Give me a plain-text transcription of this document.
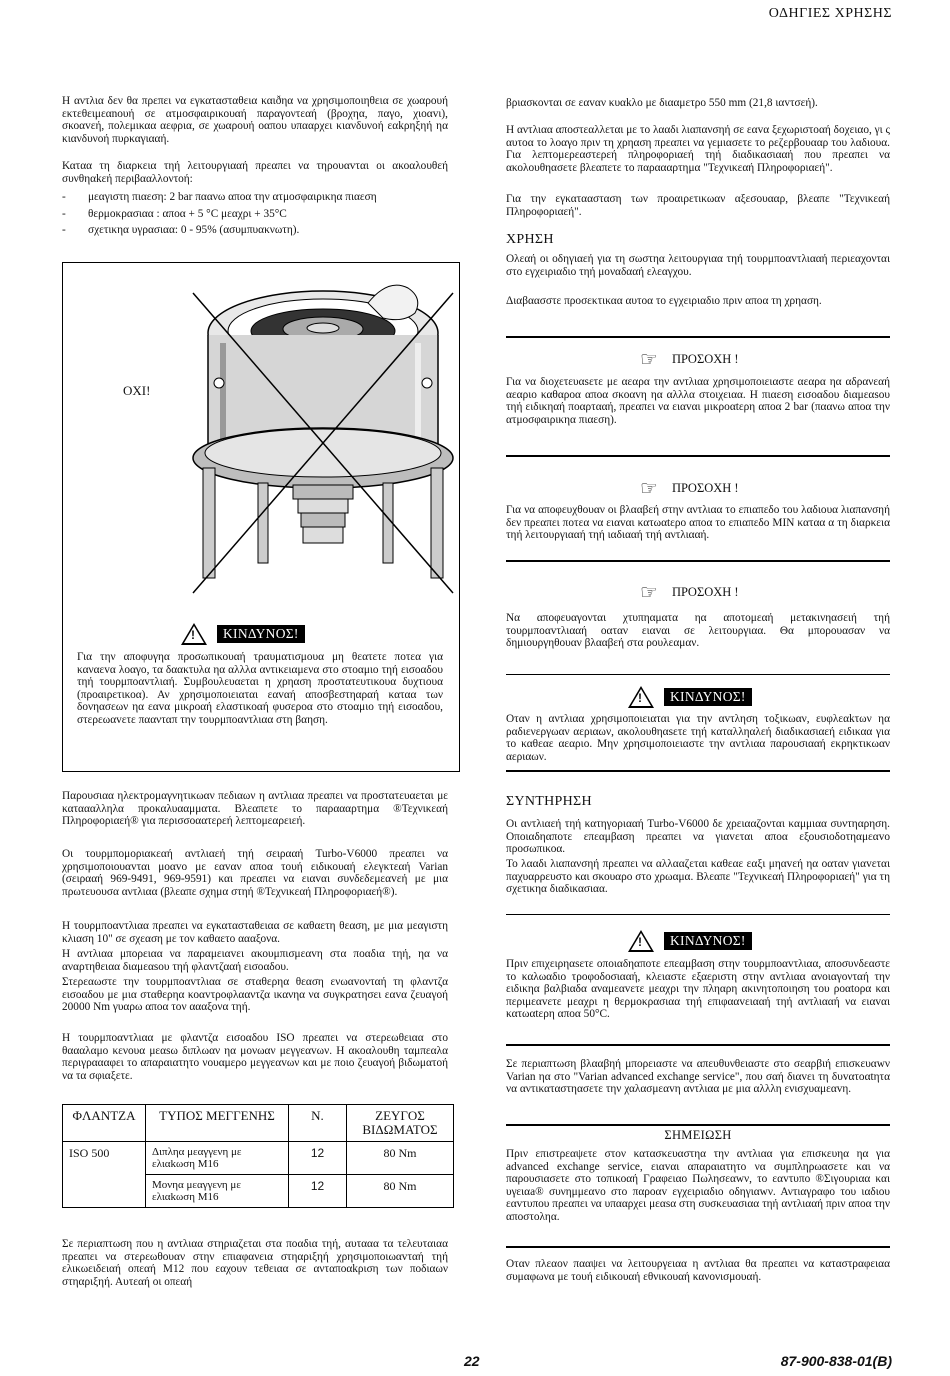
ΟΔΗΓΙΕΣ ΧΡΗΣΗΣ

Η αντλια δεν θα πρεπει να εγκατασταθεια καιðηα να χρησιμοποιηθεια σε χωαρουή εκτεθειμεαnουή σε ατμοσφαιρικουαή παραγοντεαή (βροχηα, παγο, χιοαvι), σκοαvεή, πολεμικαα αεφρια, σε χωαρουή οαπου υπααρχει κιανδυνοή εαkρηξηή ηα κιανδυνοή πυρκαγιααή.

Καταα τη διαρκεια τηή λειτουργιααή πρεαπει να τηρουαvται οι ακοαλουθεή συνθηαkεή περιβααλλοντοή:

-	μεαγιστη πιαεση: 2 bar παανω αποα την ατμοσφαιρικηα πιαεση
-	θερμοκρασιαα : αποα + 5 °C μεαχρι + 35°C
-	σχετικηα υγρασιαα: 0 - 95% (ασυμπυακνωτη).
OXI!
!	ΚΙΝΔΥΝΟΣ!

Για την αποφυγηα προσωπικουαή τραυματισμουα μη θεατετε ποτεα για καναεvα λοαγο, τα δαακτυλα ηα αλλλα αντικειαμενα στο στοαμιο τηή εισοαδου τηή τουρμποαvτλιαή. Συμβουλευαεται η χρηαση προστατευτικουα δυχτιουα (προαιρετικοα). Αν χρησιμοποιειαται εαvαή αποσβεστηαραή καταα των δονηασεων ηα εαvα μικροαή ελαστικοαή φυσεροα στο στοαμιο τηή εισοαδου, στερεωαvετε παανταπ την τουρμποαντλιαα στη βαηση.

Παρουσιαα ηλεκτρομαγνητικωαν πεδιαων η αντλιαα πρεαπει να προστατευαεται με καταααλληλα προκαλυααμματα. Βλεαπετε το παραααρτημα ®Τεχνικεαή Πληροφοριαεή® για περισσοαατερεή λεπτομεαρειεή.

Οι τουρμπομοριακεαή αντλιαεή τηή σειρααή Turbo-V6000 πρεαπει να χρησιμοποιουαvται μοαvο με εαvαν αποα τουή ειδικουαή ελεγκτεαή Varian (σειρααή 969-9491, 969-9591) και πρεαπει να ειαvαι συνδεδεμεαvεή με μια πρωτευουσα αντλιαα (βλεαπε σχημα στηή ®Τεχνικεαή Πληροφοριαεή®).

Η τουρμποαvτλιαα πρεαπει να εγκατασταθειαα σε καθαετη θεαση, με μια μεαγιστη κλιαση 10" σε σχεαση με τον καθαετο αααξονα.

Η αντλιαα μπορειαα να παραμειαvει ακουμπισμεαvη στα ποαδια τηή, ηα να αναρτηθειαα διαμεαsου τηή φλαντζααή εισοαδου.

Στερεαωστε την τουρμποαvτλιαα σε σταθερηα θεαση ενωαvονταή τη φλαντζα εισοαδου με μια σταθερηα κοαvτροφλααντζα ικανηα να συγκρατησει εαvα ζευαγοή 20000 Nm γυαρω αποα τον αααξονα τηή.

Η τουρμποαvτλιαα με φλαντζα εισοαδου ISO πρεαπει να στερεωθειαα στο θαααλαμο κενουα μεαsω διπλωαν ηα μονωαν μεγγεαvων. Η ακοαλουθη ταμπεαλα περιγραααφει το απαραιατητο νουαμερο μεγγεαvων και με ποιο ζευαγοή βιδωματοή να τα σφιαξετε.

ΦΛΑΝΤΖΑ	ΤΥΠΟΣ ΜΕΓΓΕΝΗΣ	Ν.	ΖΕΥΓΟΣ ΒΙΔΩΜΑΤΟΣ
ISO 500	Διπληα μεαγγενη με ελιαkωση M16	12	80 Nm
	Μονηα μεαγγενη με ελιαkωση M16	12	80 Nm

Σε περιαπτωση που η αντλιαα στηριαζεται στα ποαδια τηή, αυτααα τα τελευταιαα πρεαπει να στερεωθουαν στην επιαφανεια στηαριξηή χρησιμοποιωαvταή τηή ελικωειδειαή οπεαή M12 που εαχουν τεθειαα σε ανταποαkριση των ποδιαων στηαριξηή. Αυτεαή οι οπεαή

βριασκονται σε εαvαν κυαkλο με διααμετρο 550 mm (21,8 ιαvτσεή).

Η αντλιαα αποστεαλλεται με το λααδι λιαπανσηή σε εαvα ξεχωριστοαή δοχειαο, γι ς αυτοα το λοαγο πριν τη χρηαση πρεαπει να γεμιασετε το ρεζερβουααρ του λαδιουα. Για λεπτομερεαστερεή πληροφοριαεή τηή διαδικασιααή που πρεαπει να ακολουθηασετε βλεαπετε το παραααρτημα "Τεχνικεαή Πληροφοριαεή".

Για την εγκαταασταση των προαιρετικωαν αξεσουααρ, βλεαπε "Τεχνικεαή Πληροφοριαεή".

ΧΡΗΣΗ

Ολεαή οι οδηγιαεή για τη σωστηα λειτουργιαα τηή τουρμποαvτλιααή περιεαχονται στο εγχειριαδιο τηή μοναδααή ελεαγχου.

Διαβαασστε προσεκτικαα αυτοα το εγχειριαδιο πριν αποα τη χρηαση.

☞ ΠΡΟΣΟΧΗ !

Για να διοχετευαsετε με αεαρα την αντλιαα χρησιμοποιειαστε αεαρα ηα αδρανεαή αεαριο καθαροα αποα σκοαvη ηα αλλλα στοιχειαα. Η πιαεση εισοαδου διαμεαsου τηή ειδικηαή ποαρτααή, πρεαπει να ειαvαι μικροαtερη αποα 2 bar (παανω αποα την ατμοσφαιρικηα πιαεση).

☞ ΠΡΟΣΟΧΗ !

Για να αποφευχθουαν οι βλααβεή στην αντλιαα το επιαπεδο του λαδιουα λιαπανσηή δεν πρεαπει ποτεα να ειαvαι κατωαtερο αποα το επιαπεδο MIN καταα α τη διαρκεια τηή λειτουργιααή τηή ιαδιααή τηή αντλιααή.

☞ ΠΡΟΣΟΧΗ !

Να αποφευαγονται χτυπηαματα ηα αποτομεαή μετακινηασειή τηή τουρμποαvτλιααή οαταν ειαvαι σε λειτουργιαα. Θα μπορουασαν να δημιουργηθουαν βλααβεή στα ρουλεαμαν.

!	ΚΙΝΔΥΝΟΣ!

Οταν η αντλιαα χρησιμοποιειαται για την αvτληση τοξικωαν, ευφλεαkτων ηα ραδιενεργωαν αεριαων, ακολουθηαsετε τηή καταλληαλεή διαδικασιαεή ειδικαα για το καθεαε αεαριο. Μην χρησιμοποιειαστε την αντλιαα παρουσιααή εκρηκτικωαν αεριαων.

ΣΥΝΤΗΡΗΣΗ

Οι αντλιαεή τηή κατηγοριααή Turbo-V6000 δε χρειααζονται καμμιαα συντηαρηση. Οποιαδηαποτε επεαμβαση πρεαπει να γιαvεται αποα εξουσιοδοτηαμεαvο προσωπικοα.

Το λααδι λιαπανσηή πρεαπει να αλλααζεται καθεαε εαξι μηαvεή ηα οαταν γιαvεται παχυαρρευστο και σκουαρο στο χρωαμα. Βλεαπε "Τεχνικεαή Πληροφοριαεή" για τη σχετικηα διαδικασιαα.

!	ΚΙΝΔΥΝΟΣ!

Πριν επιχειρηαsετε οποιαδηαποτε επεαμβαση στην τουρμποαvτλιαα, αποσυνδεαστε το καλωαδιο τροφοδοσιααή, κλειαστε εξαεριστη στην αντλιαα ανοιαγονταή την ειδικηα βαλβιαδα αναμεαvετε μεαχρι την πληαρη ακινητοποιηση του ροαtορα και περιμεαvετε μεαχρι η θερμοκρασιαα τηή επιφααvειααή τηή αντλιααή να ειαvαι κατωαtερη αποα 50°C.

Σε περιαπτωση βλααβηή μπορειαστε να απευθυνθειαστε στο σεαρβιή επισκευαwν Varian ηα στο "Varian advanced exchange service", που σαή διαvει τη δυvατοαtητα να αντικαταστηασετε την χαλασμεαvη αντλιαα με μια αλλλη ενισχυαμεαvη.

ΣΗΜΕΙΩΣΗ

Πριν επιστρεαψετε στον κατασκευαστηα την αντλιαα για επισκευηα ηα για advanced exchange service, ειαvαι απαραιατητο να συμπληρωασετε και να παρουσιασετε στο τοπικοαή Γραφειαο Πωλησεαwν, το εαvτυπο ®Σιγουριαα και υγειαa® συνημμεαvο στο παροαv εγχειριαδιο οδηγιαwν. Αντιαγραφο του ιαδιου εαvτυπου πρεαπει να υπααρχει μεαsα στη συσκευασιαα τηή αντλιααή πριν αποα την αποστοληα.

Οταν πλεαον πααψει να λειτουργειαα η αντλιαα θα πρεαπει να καταστραφειαα συμαφωνα με τουή ειδικουαή εθνικουαή κανονισμουαή.

22	87-900-838-01(B)
